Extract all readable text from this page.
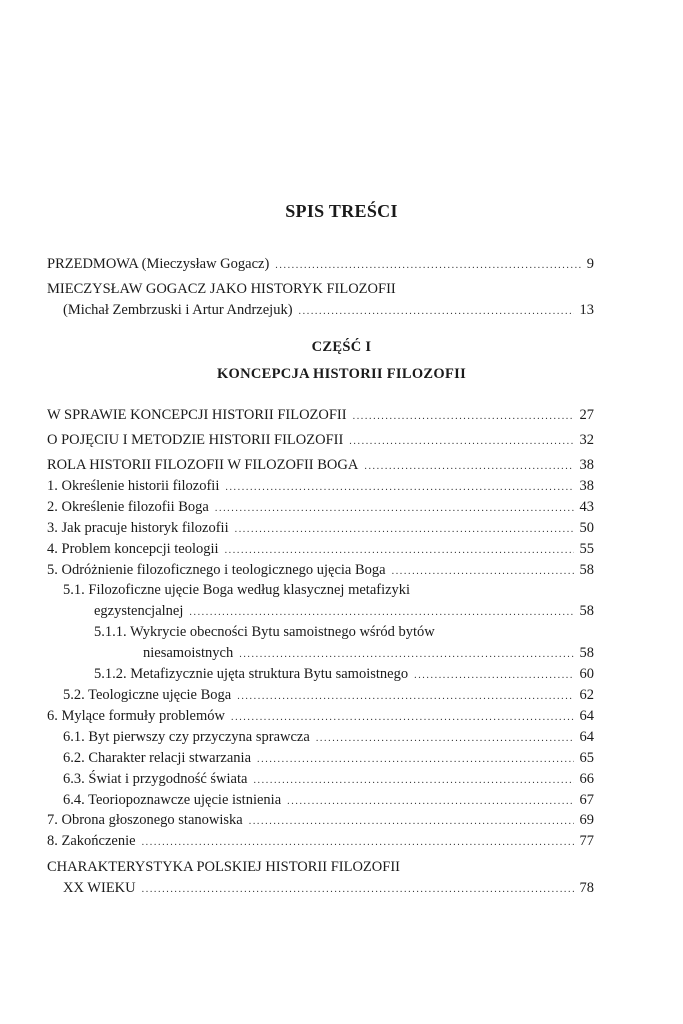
SPIS TREŚCI
PRZEDMOWA (Mieczysław Gogacz) .....	9
MIECZYSŁAW GOGACZ JAKO HISTORYK FILOZOFII
(Michał Zembrzuski i Artur Andrzejuk) .....	13
CZĘŚĆ I
KONCEPCJA HISTORII FILOZOFII
W SPRAWIE KONCEPCJI HISTORII FILOZOFII .....	27
O POJĘCIU I METODZIE HISTORII FILOZOFII .....	32
ROLA HISTORII FILOZOFII W FILOZOFII BOGA .....	38
1. Określenie historii filozofii .....	38
2. Określenie filozofii Boga .....	43
3. Jak pracuje historyk filozofii .....	50
4. Problem koncepcji teologii .....	55
5. Odróżnienie filozoficznego i teologicznego ujęcia Boga .....	58
5.1. Filozoficzne ujęcie Boga według klasycznej metafizyki
egzystencjalnej .....	58
5.1.1. Wykrycie obecności Bytu samoistnego wśród bytów
niesamoistnych .....	58
5.1.2. Metafizycznie ujęta struktura Bytu samoistnego .....	60
5.2. Teologiczne ujęcie Boga .....	62
6. Mylące formuły problemów .....	64
6.1. Byt pierwszy czy przyczyna sprawcza .....	64
6.2. Charakter relacji stwarzania .....	65
6.3. Świat i przygodność świata .....	66
6.4. Teoriopoznawcze ujęcie istnienia .....	67
7. Obrona głoszonego stanowiska .....	69
8. Zakończenie .....	77
CHARAKTERYSTYKA POLSKIEJ HISTORII FILOZOFII
XX WIEKU .....	78
